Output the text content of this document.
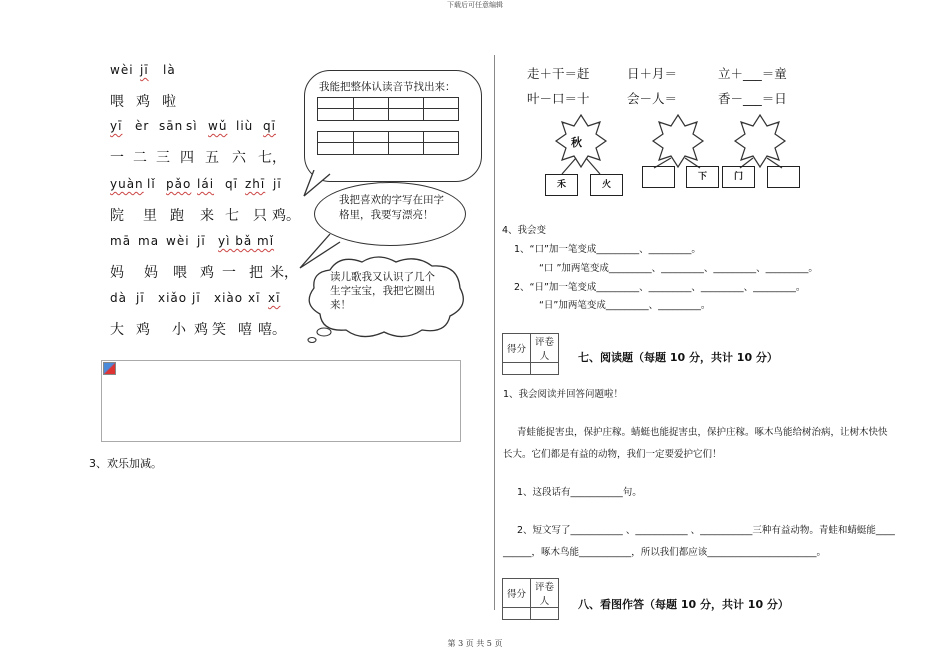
下载后可任意编辑
wèi jī là
喂 鸡 啦
yī èr sān sì wǔ liù qī
一 二 三 四 五 六 七，
yuàn lǐ pǎo lái qī zhī jī
院 里 跑 来 七 只 鸡。
mā ma wèi jī yì bǎ mǐ
妈 妈 喂 鸡 一 把 米，
dà jī xiǎo jī xiào xī xī
大 鸡 小 鸡 笑 嘻 嘻。
我能把整体认读音节找出来：
我把喜欢的字写在田字格里，我要写漂亮！
读儿歌我又认识了几个生字宝宝，我把它圈出来！
3、欢乐加减。
走＋干＝赶	日＋月＝	立＋___＝童
叶－口＝十	会－人＝	香－___＝日
秋
禾	火
下	门
4、我会变
1、“口”加一笔变成_________、_________。
“口 ”加两笔变成_________、_________、_________、_________。
2、“日”加一笔变成_________、_________、_________、_________。
“日”加两笔变成_________、_________。
得分	评卷人
		七、阅读题（每题 10 分，共计 10 分）
1、我会阅读并回答问题啦！
青蛙能捉害虫，保护庄稼。蜻蜓也能捉害虫，保护庄稼。啄木鸟能给树治病，让树木快快
长大。它们都是有益的动物，我们一定要爱护它们！
1、这段话有___________句。
2、短文写了___________ 、___________ 、___________三种有益动物。青蛙和蜻蜓能____
______，啄木鸟能___________，所以我们都应该_______________________。
得分	评卷人
		八、看图作答（每题 10 分，共计 10 分）
第 3 页 共 5 页
